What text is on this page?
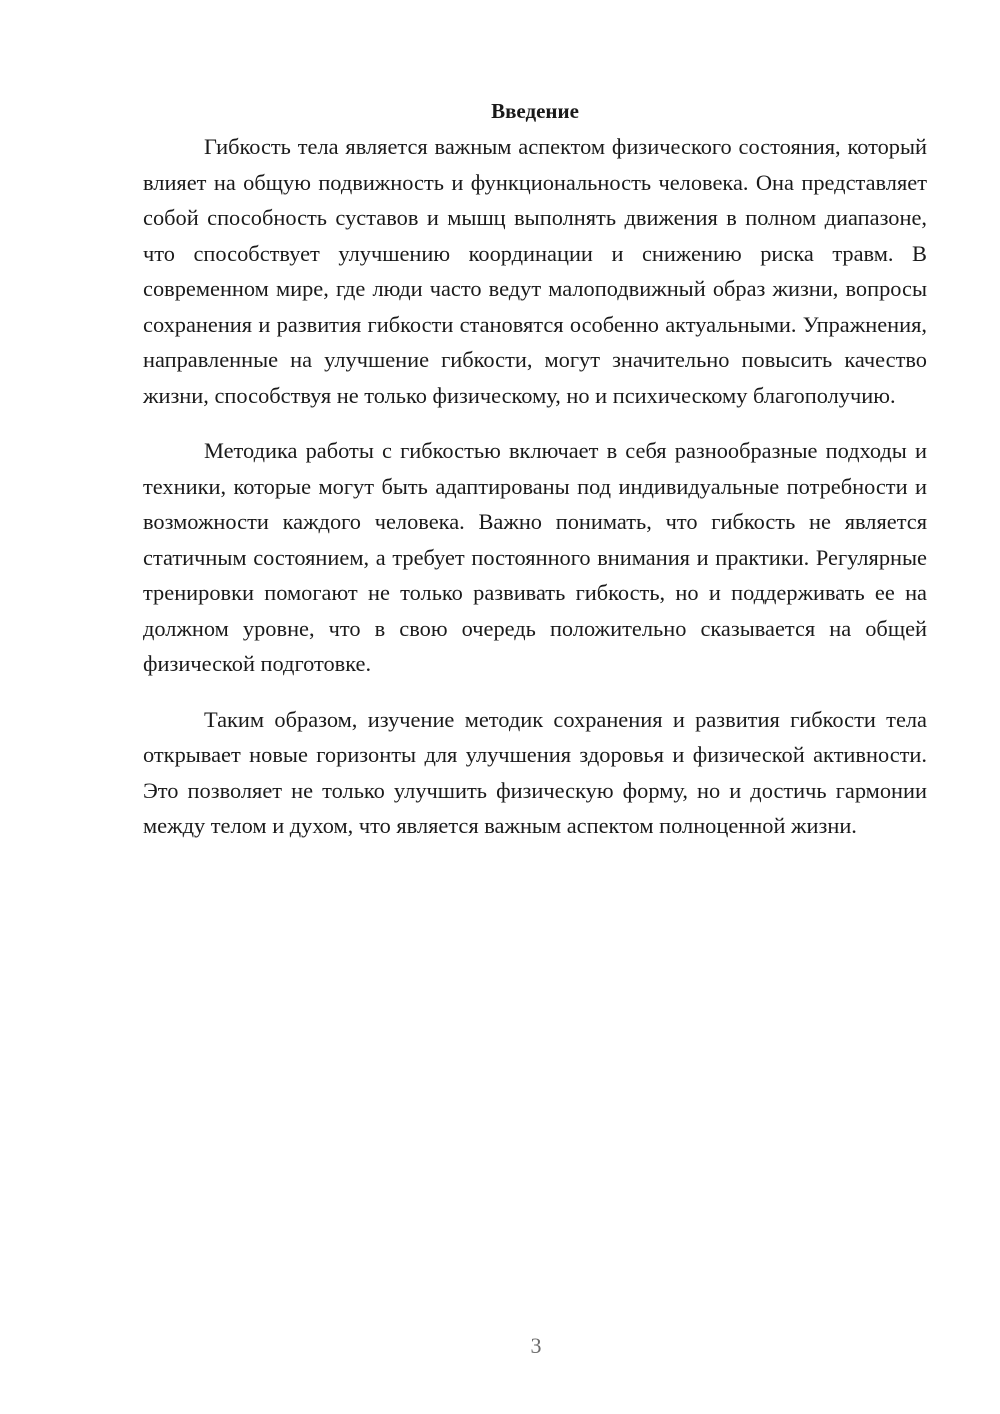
Введение

Гибкость тела является важным аспектом физического состояния, который влияет на общую подвижность и функциональность человека. Она представляет собой способность суставов и мышц выполнять движения в полном диапазоне, что способствует улучшению координации и снижению риска травм. В современном мире, где люди часто ведут малоподвижный образ жизни, вопросы сохранения и развития гибкости становятся особенно актуальными. Упражнения, направленные на улучшение гибкости, могут значительно повысить качество жизни, способствуя не только физическому, но и психическому благополучию.

Методика работы с гибкостью включает в себя разнообразные подходы и техники, которые могут быть адаптированы под индивидуальные потребности и возможности каждого человека. Важно понимать, что гибкость не является статичным состоянием, а требует постоянного внимания и практики. Регулярные тренировки помогают не только развивать гибкость, но и поддерживать ее на должном уровне, что в свою очередь положительно сказывается на общей физической подготовке.

Таким образом, изучение методик сохранения и развития гибкости тела открывает новые горизонты для улучшения здоровья и физической активности. Это позволяет не только улучшить физическую форму, но и достичь гармонии между телом и духом, что является важным аспектом полноценной жизни.

3
